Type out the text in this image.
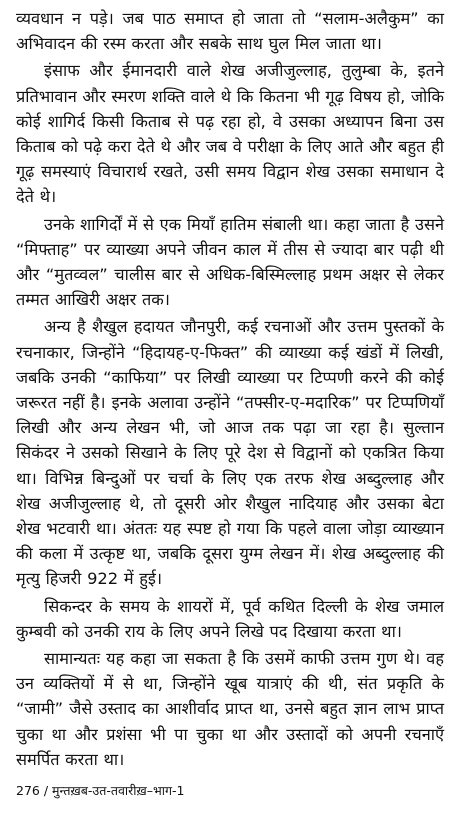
व्यवधान न पड़े। जब पाठ समाप्त हो जाता तो “सलाम-अलैकुम” का अभिवादन की रस्म करता और सबके साथ घुल मिल जाता था।

इंसाफ और ईमानदारी वाले शेख अजीजुल्लाह, तुलुम्बा के, इतने प्रतिभावान और स्मरण शक्ति वाले थे कि कितना भी गूढ़ विषय हो, जोकि कोई शागिर्द किसी किताब से पढ़ रहा हो, वे उसका अध्यापन बिना उस किताब को पढ़े करा देते थे और जब वे परीक्षा के लिए आते और बहुत ही गूढ़ समस्याएं विचारार्थ रखते, उसी समय विद्वान शेख उसका समाधान दे देते थे।

उनके शागिर्दों में से एक मियाँ हातिम संबाली था। कहा जाता है उसने “मिफ्ताह” पर व्याख्या अपने जीवन काल में तीस से ज्यादा बार पढ़ी थी और “मुतव्वल” चालीस बार से अधिक-बिस्मिल्लाह प्रथम अक्षर से लेकर तम्मत आखिरी अक्षर तक।

अन्य है शैखुल हदायत जौनपुरी, कई रचनाओं और उत्तम पुस्तकों के रचनाकार, जिन्होंने “हिदायह-ए-फिक्त” की व्याख्या कई खंडों में लिखी, जबकि उनकी “काफिया” पर लिखी व्याख्या पर टिप्पणी करने की कोई जरूरत नहीं है। इनके अलावा उन्होंने “तफ्सीर-ए-मदारिक” पर टिप्पणियाँ लिखी और अन्य लेखन भी, जो आज तक पढ़ा जा रहा है। सुल्तान सिकंदर ने उसको सिखाने के लिए पूरे देश से विद्वानों को एकत्रित किया था। विभिन्न बिन्दुओं पर चर्चा के लिए एक तरफ शेख अब्दुल्लाह और शेख अजीजुल्लाह थे, तो दूसरी ओर शैखुल नादियाह और उसका बेटा शेख भटवारी था। अंततः यह स्पष्ट हो गया कि पहले वाला जोड़ा व्याख्यान की कला में उत्कृष्ट था, जबकि दूसरा युग्म लेखन में। शेख अब्दुल्लाह की मृत्यु हिजरी 922 में हुई।

सिकन्दर के समय के शायरों में, पूर्व कथित दिल्ली के शेख जमाल कुम्बवी को उनकी राय के लिए अपने लिखे पद दिखाया करता था।

सामान्यतः यह कहा जा सकता है कि उसमें काफी उत्तम गुण थे। वह उन व्यक्तियों में से था, जिन्होंने खूब यात्राएं की थी, संत प्रकृति के “जामी” जैसे उस्ताद का आशीर्वाद प्राप्त था, उनसे बहुत ज्ञान लाभ प्राप्त चुका था और प्रशंसा भी पा चुका था और उस्तादों को अपनी रचनाएँ समर्पित करता था।

276 / मुन्तख़ब-उत-तवारीख़–भाग-1
